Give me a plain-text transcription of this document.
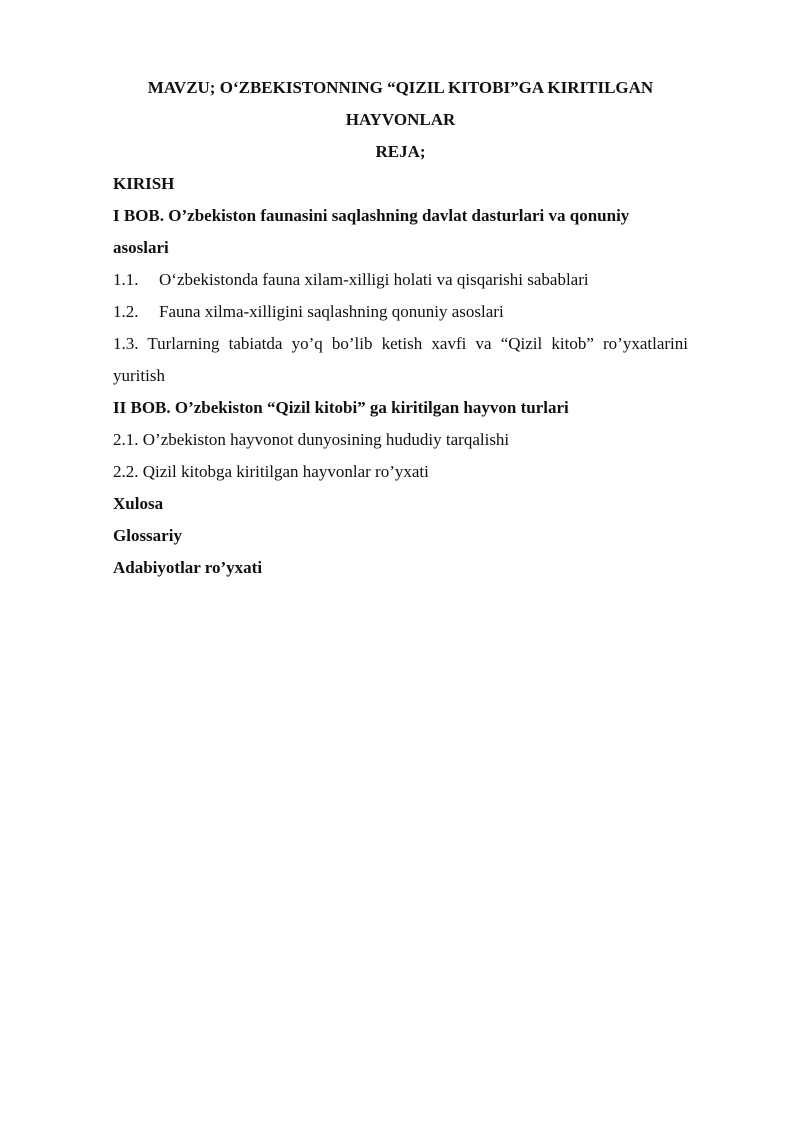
MAVZU; O‘ZBEKISTONNING “QIZIL KITOBI”GA KIRITILGAN
HAYVONLAR
REJA;
KIRISH
I BOB. O’zbekiston faunasini saqlashning davlat dasturlari va qonuniy
asoslari
1.1. O‘zbekistonda fauna xilam-xilligi holati va qisqarishi sabablari
1.2. Fauna xilma-xilligini saqlashning qonuniy asoslari
1.3. Turlarning tabiatda yo’q bo’lib ketish xavfi va “Qizil kitob” ro’yxatlarini
yuritish
II BOB. O’zbekiston “Qizil kitobi” ga kiritilgan hayvon turlari
2.1. O’zbekiston hayvonot dunyosining hududiy tarqalishi
2.2. Qizil kitobga kiritilgan hayvonlar ro’yxati
Xulosa
Glossariy
Adabiyotlar ro’yxati
